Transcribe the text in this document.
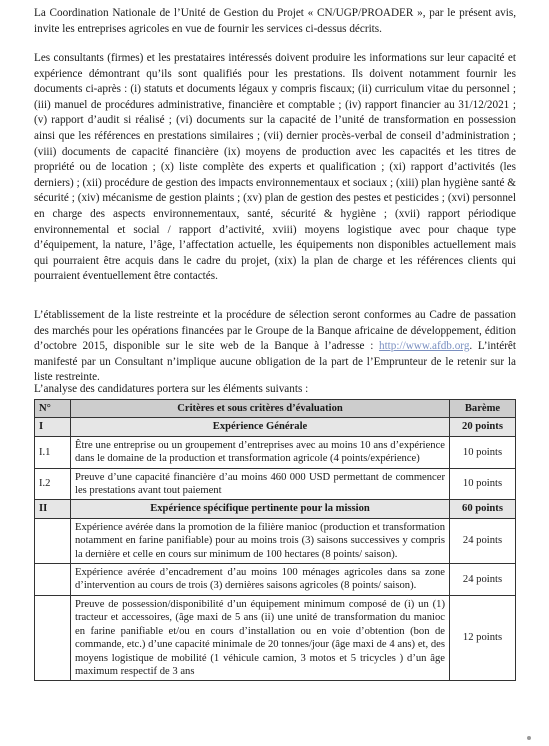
La Coordination Nationale de l’Unité de Gestion du Projet « CN/UGP/PROADER », par le présent avis, invite les entreprises agricoles en vue de fournir les services ci-dessus décrits.

Les consultants (firmes) et les prestataires intéressés doivent produire les informations sur leur capacité et expérience démontrant qu’ils sont qualifiés pour les prestations. Ils doivent notamment fournir les documents ci-après : (i) statuts et documents légaux y compris fiscaux; (ii) curriculum vitae du personnel ; (iii) manuel de procédures administrative, financière et comptable ; (iv) rapport financier au 31/12/2021 ; (v) rapport d’audit si réalisé ; (vi) documents sur la capacité de l’unité de transformation en possession ainsi que les références en prestations similaires ; (vii) dernier procès-verbal de conseil d’administration ; (viii) documents de capacité financière (ix) moyens de production avec les capacités et les titres de propriété ou de location ; (x) liste complète des experts et qualification ; (xi) rapport d’activités (les derniers) ; (xii) procédure de gestion des impacts environnementaux et sociaux ; (xiii) plan hygiène santé & sécurité ; (xiv) mécanisme de gestion plaints ; (xv) plan de gestion des pestes et pesticides ; (xvi) personnel en charge des aspects environnementaux, santé, sécurité & hygiène ; (xvii) rapport périodique environnemental et social / rapport d’activité, xviii) moyens logistique avec pour chaque type d’équipement, la nature, l’âge, l’affectation actuelle, les équipements non disponibles actuellement mais qui pourraient être acquis dans le cadre du projet, (xix) la plan de charge et les références clients qui pourraient éventuellement être contactés.

L’établissement de la liste restreinte et la procédure de sélection seront conformes au Cadre de passation des marchés pour les opérations financées par le Groupe de la Banque africaine de développement, édition d’octobre 2015, disponible sur le site web de la Banque à l’adresse : http://www.afdb.org. L’intérêt manifesté par un Consultant n’implique aucune obligation de la part de l’Emprunteur de le retenir sur la liste restreinte.

L’analyse des candidatures portera sur les éléments suivants :

N°	Critères et sous critères d’évaluation	Barème
I	Expérience Générale	20 points
I.1	Être une entreprise ou un groupement d’entreprises avec au moins 10 ans d’expérience dans le domaine de la production et transformation agricole (4 points/expérience)	10 points
I.2	Preuve d’une capacité financière d’au moins 460 000 USD permettant de commencer les prestations avant tout paiement	10 points
II	Expérience spécifique pertinente pour la mission	60 points
	Expérience avérée dans la promotion de la filière manioc (production et transformation notamment en farine panifiable) pour au moins trois (3) saisons successives y compris la dernière et celle en cours sur minimum de 100 hectares (8 points/ saison).	24 points
	Expérience avérée d’encadrement d’au moins 100 ménages agricoles dans sa zone d’intervention au cours de trois (3) dernières saisons agricoles (8 points/ saison).	24 points
	Preuve de possession/disponibilité d’un équipement minimum composé de (i) un (1) tracteur et accessoires, (âge maxi de 5 ans (ii) une unité de transformation du manioc en farine panifiable et/ou en cours d’installation ou en voie d’obtention (bon de commande, etc.) d’une capacité minimale de 20 tonnes/jour (âge maxi de 4 ans) et, des moyens logistique de mobilité (1 véhicule camion, 3 motos et 5 tricycles ) d’un âge maximum respectif de 3 ans	12 points
